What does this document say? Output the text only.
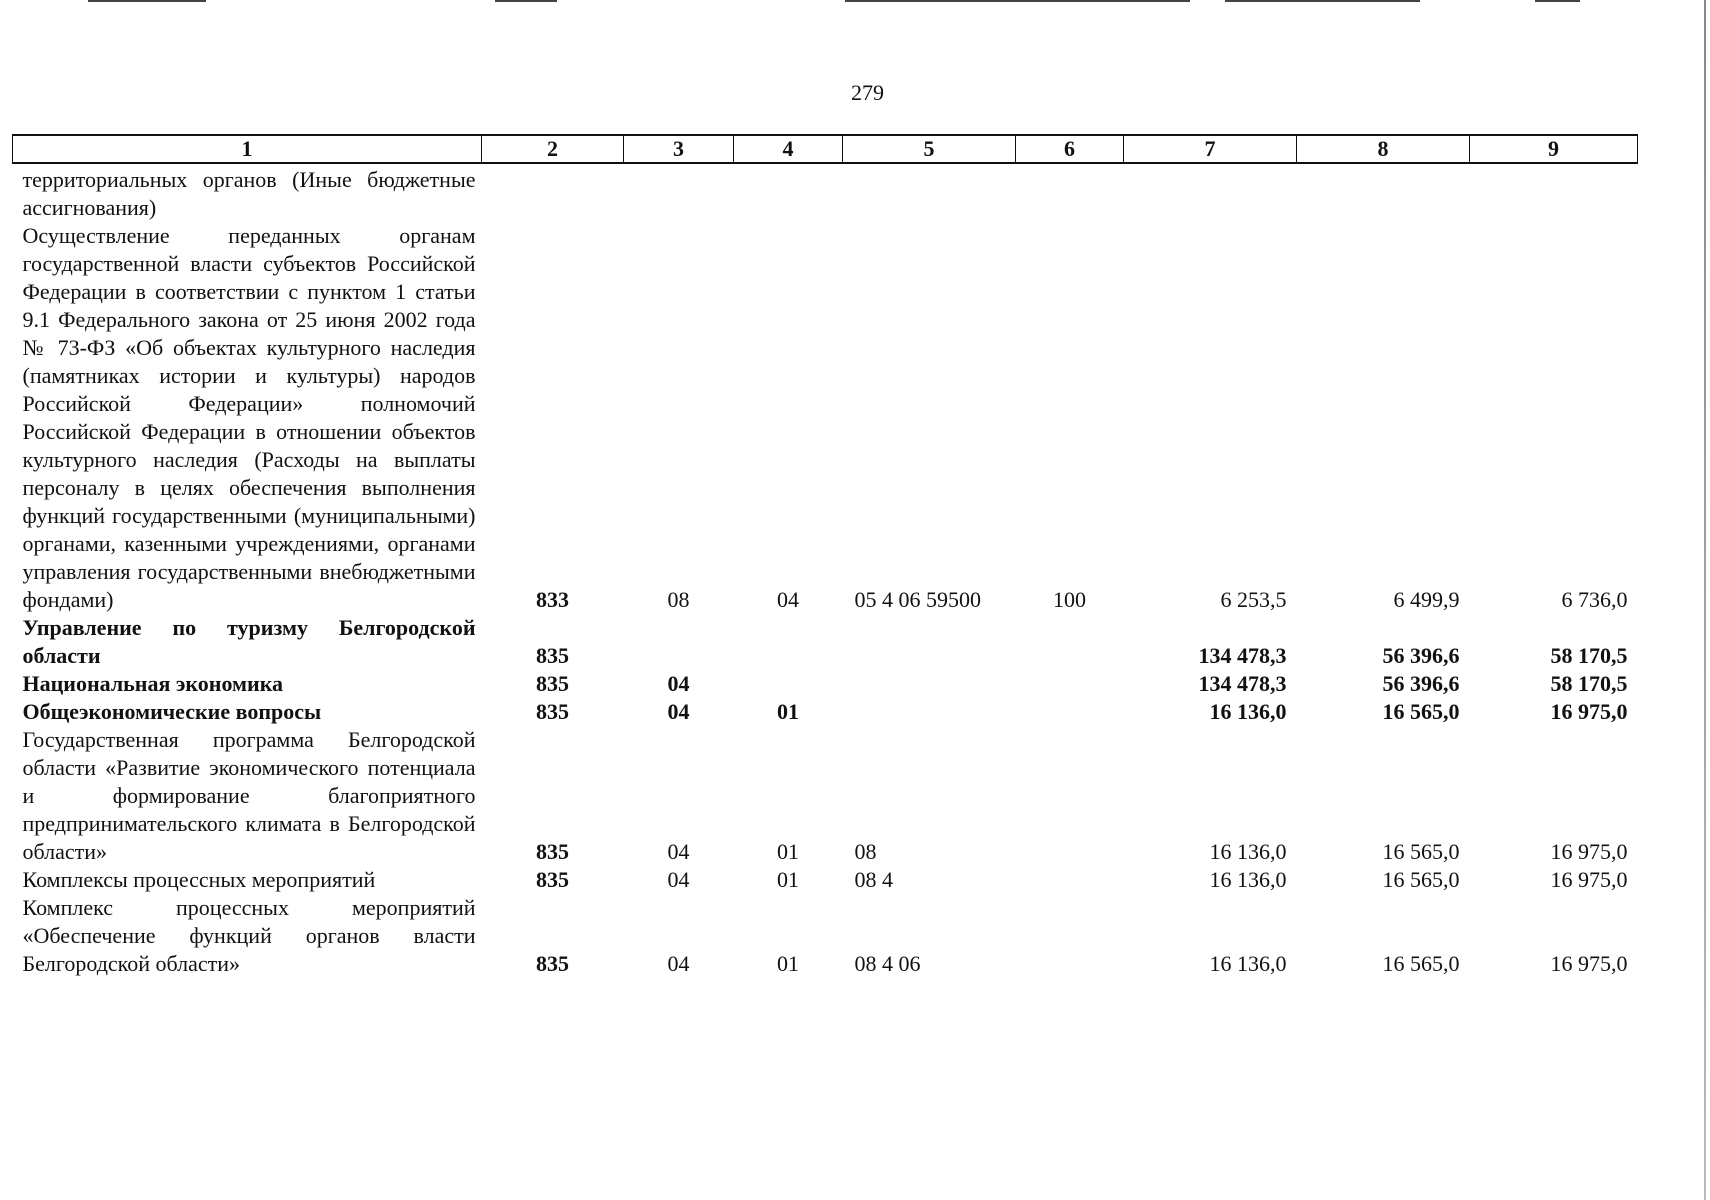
279
1	2	3	4	5	6	7	8	9
территориальных органов (Иные бюджетные ассигнования)								
Осуществление переданных органам государственной власти субъектов Российской Федерации в соответствии с пунктом 1 статьи 9.1 Федерального закона от 25 июня 2002 года № 73-ФЗ «Об объектах культурного наследия (памятниках истории и культуры) народов Российской Федерации» полномочий Российской Федерации в отношении объектов культурного наследия (Расходы на выплаты персоналу в целях обеспечения выполнения функций государственными (муниципальными) органами, казенными учреждениями, органами управления государственными внебюджетными фондами)	833	08	04	05 4 06 59500	100	6 253,5	6 499,9	6 736,0
Управление по туризму Белгородской области	835					134 478,3	56 396,6	58 170,5
Национальная экономика	835	04				134 478,3	56 396,6	58 170,5
Общеэкономические вопросы	835	04	01			16 136,0	16 565,0	16 975,0
Государственная программа Белгородской области «Развитие экономического потенциала и формирование благоприятного предпринимательского климата в Белгородской области»	835	04	01	08		16 136,0	16 565,0	16 975,0
Комплексы процессных мероприятий	835	04	01	08 4		16 136,0	16 565,0	16 975,0
Комплекс процессных мероприятий «Обеспечение функций органов власти Белгородской области»	835	04	01	08 4 06		16 136,0	16 565,0	16 975,0
